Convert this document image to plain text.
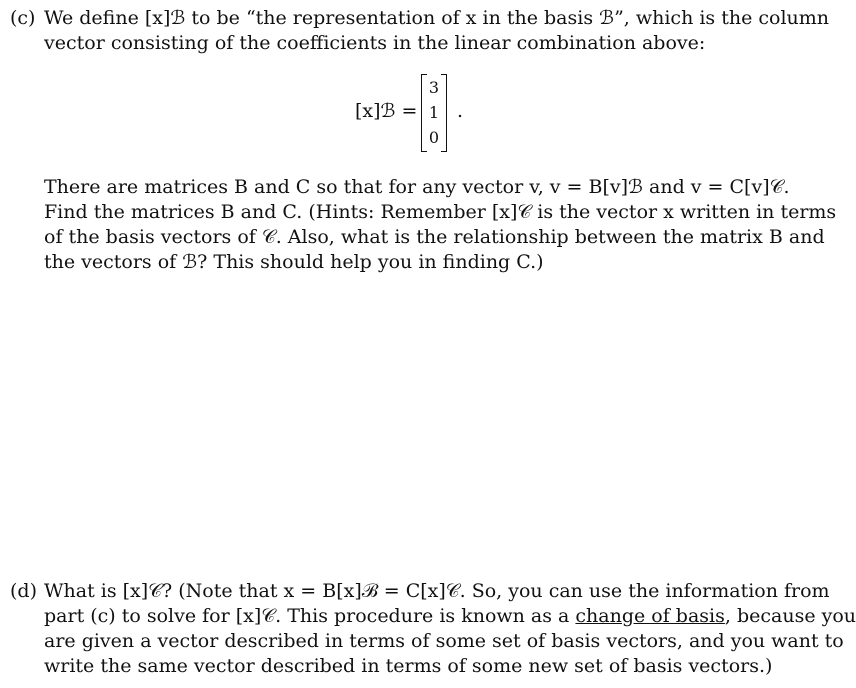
(c) We define [x]ℬ to be “the representation of x in the basis ℬ”, which is the column
vector consisting of the coefficients in the linear combination above:
[x]ℬ =
3
1
0
.
There are matrices B and C so that for any vector v, v = B[v]ℬ and v = C[v]𝒞.
Find the matrices B and C. (Hints: Remember [x]𝒞 is the vector x written in terms
of the basis vectors of 𝒞. Also, what is the relationship between the matrix B and
the vectors of ℬ? This should help you in finding C.)
(d) What is [x]𝒞? (Note that x = B[x]ℬ = C[x]𝒞. So, you can use the information from
part (c) to solve for [x]𝒞. This procedure is known as a change of basis, because you
are given a vector described in terms of some set of basis vectors, and you want to
write the same vector described in terms of some new set of basis vectors.)
